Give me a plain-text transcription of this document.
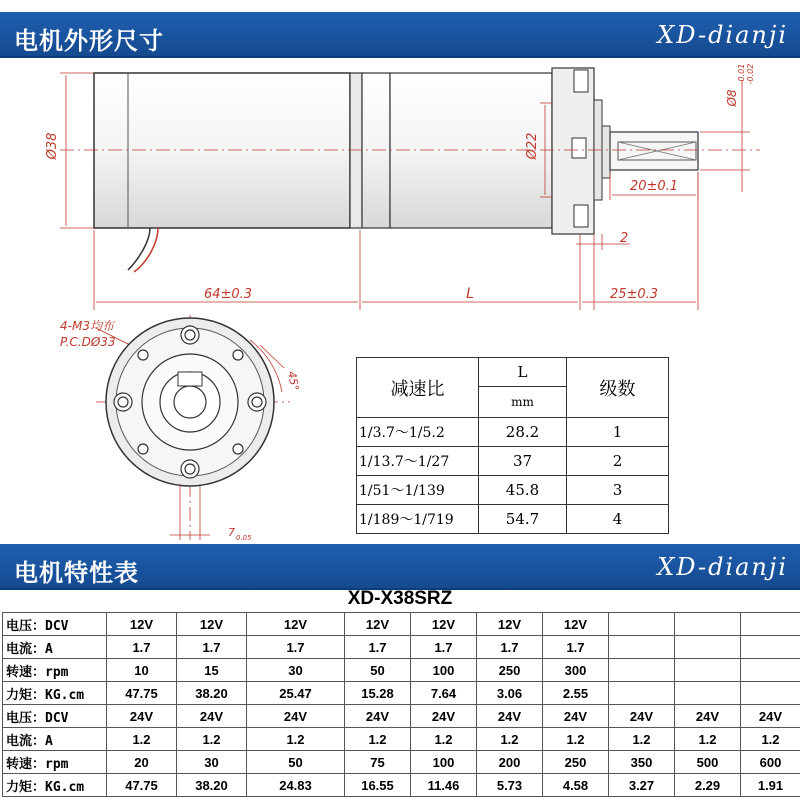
电机外形尺寸	XD-dianji
Ø38	Ø22
Ø8
-0.01 -0.02
20±0.1
2
64±0.3	L	25±0.3
4-M3均布
P.C.DØ33
45°
7 0.05
减速比	L	级数
	mm	
1/3.7～1/5.2	28.2	1
1/13.7～1/27	37	2
1/51～1/139	45.8	3
1/189～1/719	54.7	4
电机特性表	XD-dianji
XD-X38SRZ
电压：DCV	12V	12V	12V	12V	12V	12V	12V			
电流：A	1.7	1.7	1.7	1.7	1.7	1.7	1.7			
转速：rpm	10	15	30	50	100	250	300			
力矩：KG.cm	47.75	38.20	25.47	15.28	7.64	3.06	2.55			
电压：DCV	24V	24V	24V	24V	24V	24V	24V	24V	24V	24V
电流：A	1.2	1.2	1.2	1.2	1.2	1.2	1.2	1.2	1.2	1.2
转速：rpm	20	30	50	75	100	200	250	350	500	600
力矩：KG.cm	47.75	38.20	24.83	16.55	11.46	5.73	4.58	3.27	2.29	1.91
